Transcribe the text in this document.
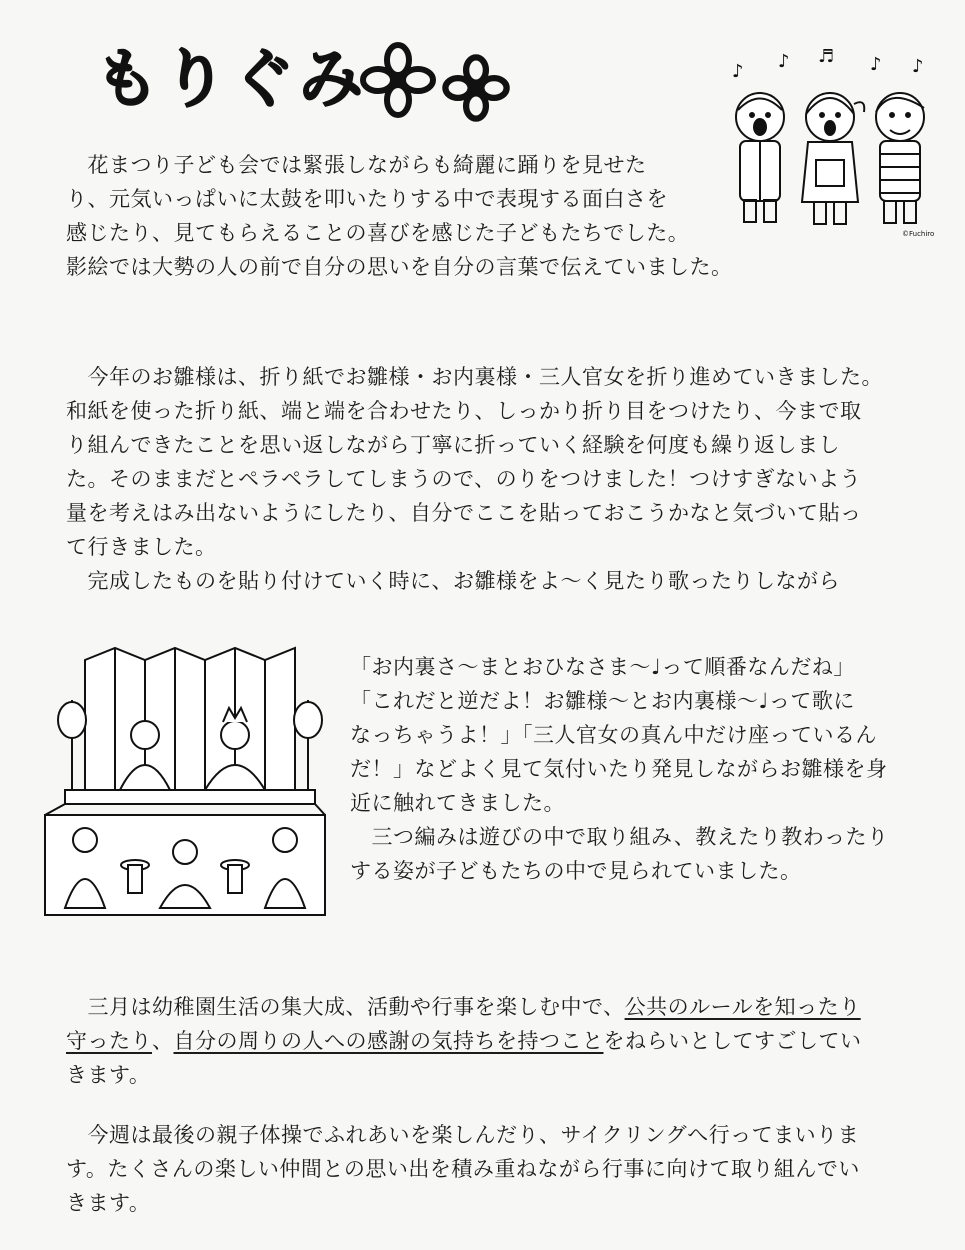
もりぐみ	♪ ♪ ♬ ♪ ♪
©Fuchiro
　花まつり子ども会では緊張しながらも綺麗に踊りを見せた
り、元気いっぱいに太鼓を叩いたりする中で表現する面白さを
感じたり、見てもらえることの喜びを感じた子どもたちでした。
影絵では大勢の人の前で自分の思いを自分の言葉で伝えていました。
　今年のお雛様は、折り紙でお雛様・お内裏様・三人官女を折り進めていきました。
和紙を使った折り紙、端と端を合わせたり、しっかり折り目をつけたり、今まで取
り組んできたことを思い返しながら丁寧に折っていく経験を何度も繰り返しまし
た。そのままだとペラペラしてしまうので、のりをつけました！つけすぎないよう
量を考えはみ出ないようにしたり、自分でここを貼っておこうかなと気づいて貼っ
て行きました。
　完成したものを貼り付けていく時に、お雛様をよ～く見たり歌ったりしながら
「お内裏さ～まとおひなさま～♩って順番なんだね」
「これだと逆だよ！お雛様～とお内裏様～♩って歌に
なっちゃうよ！」「三人官女の真ん中だけ座っているん
だ！」などよく見て気付いたり発見しながらお雛様を身
近に触れてきました。
　三つ編みは遊びの中で取り組み、教えたり教わったり
する姿が子どもたちの中で見られていました。
　三月は幼稚園生活の集大成、活動や行事を楽しむ中で、公共のルールを知ったり
守ったり、自分の周りの人への感謝の気持ちを持つことをねらいとしてすごしてい
きます。
　今週は最後の親子体操でふれあいを楽しんだり、サイクリングへ行ってまいりま
す。たくさんの楽しい仲間との思い出を積み重ねながら行事に向けて取り組んでい
きます。
